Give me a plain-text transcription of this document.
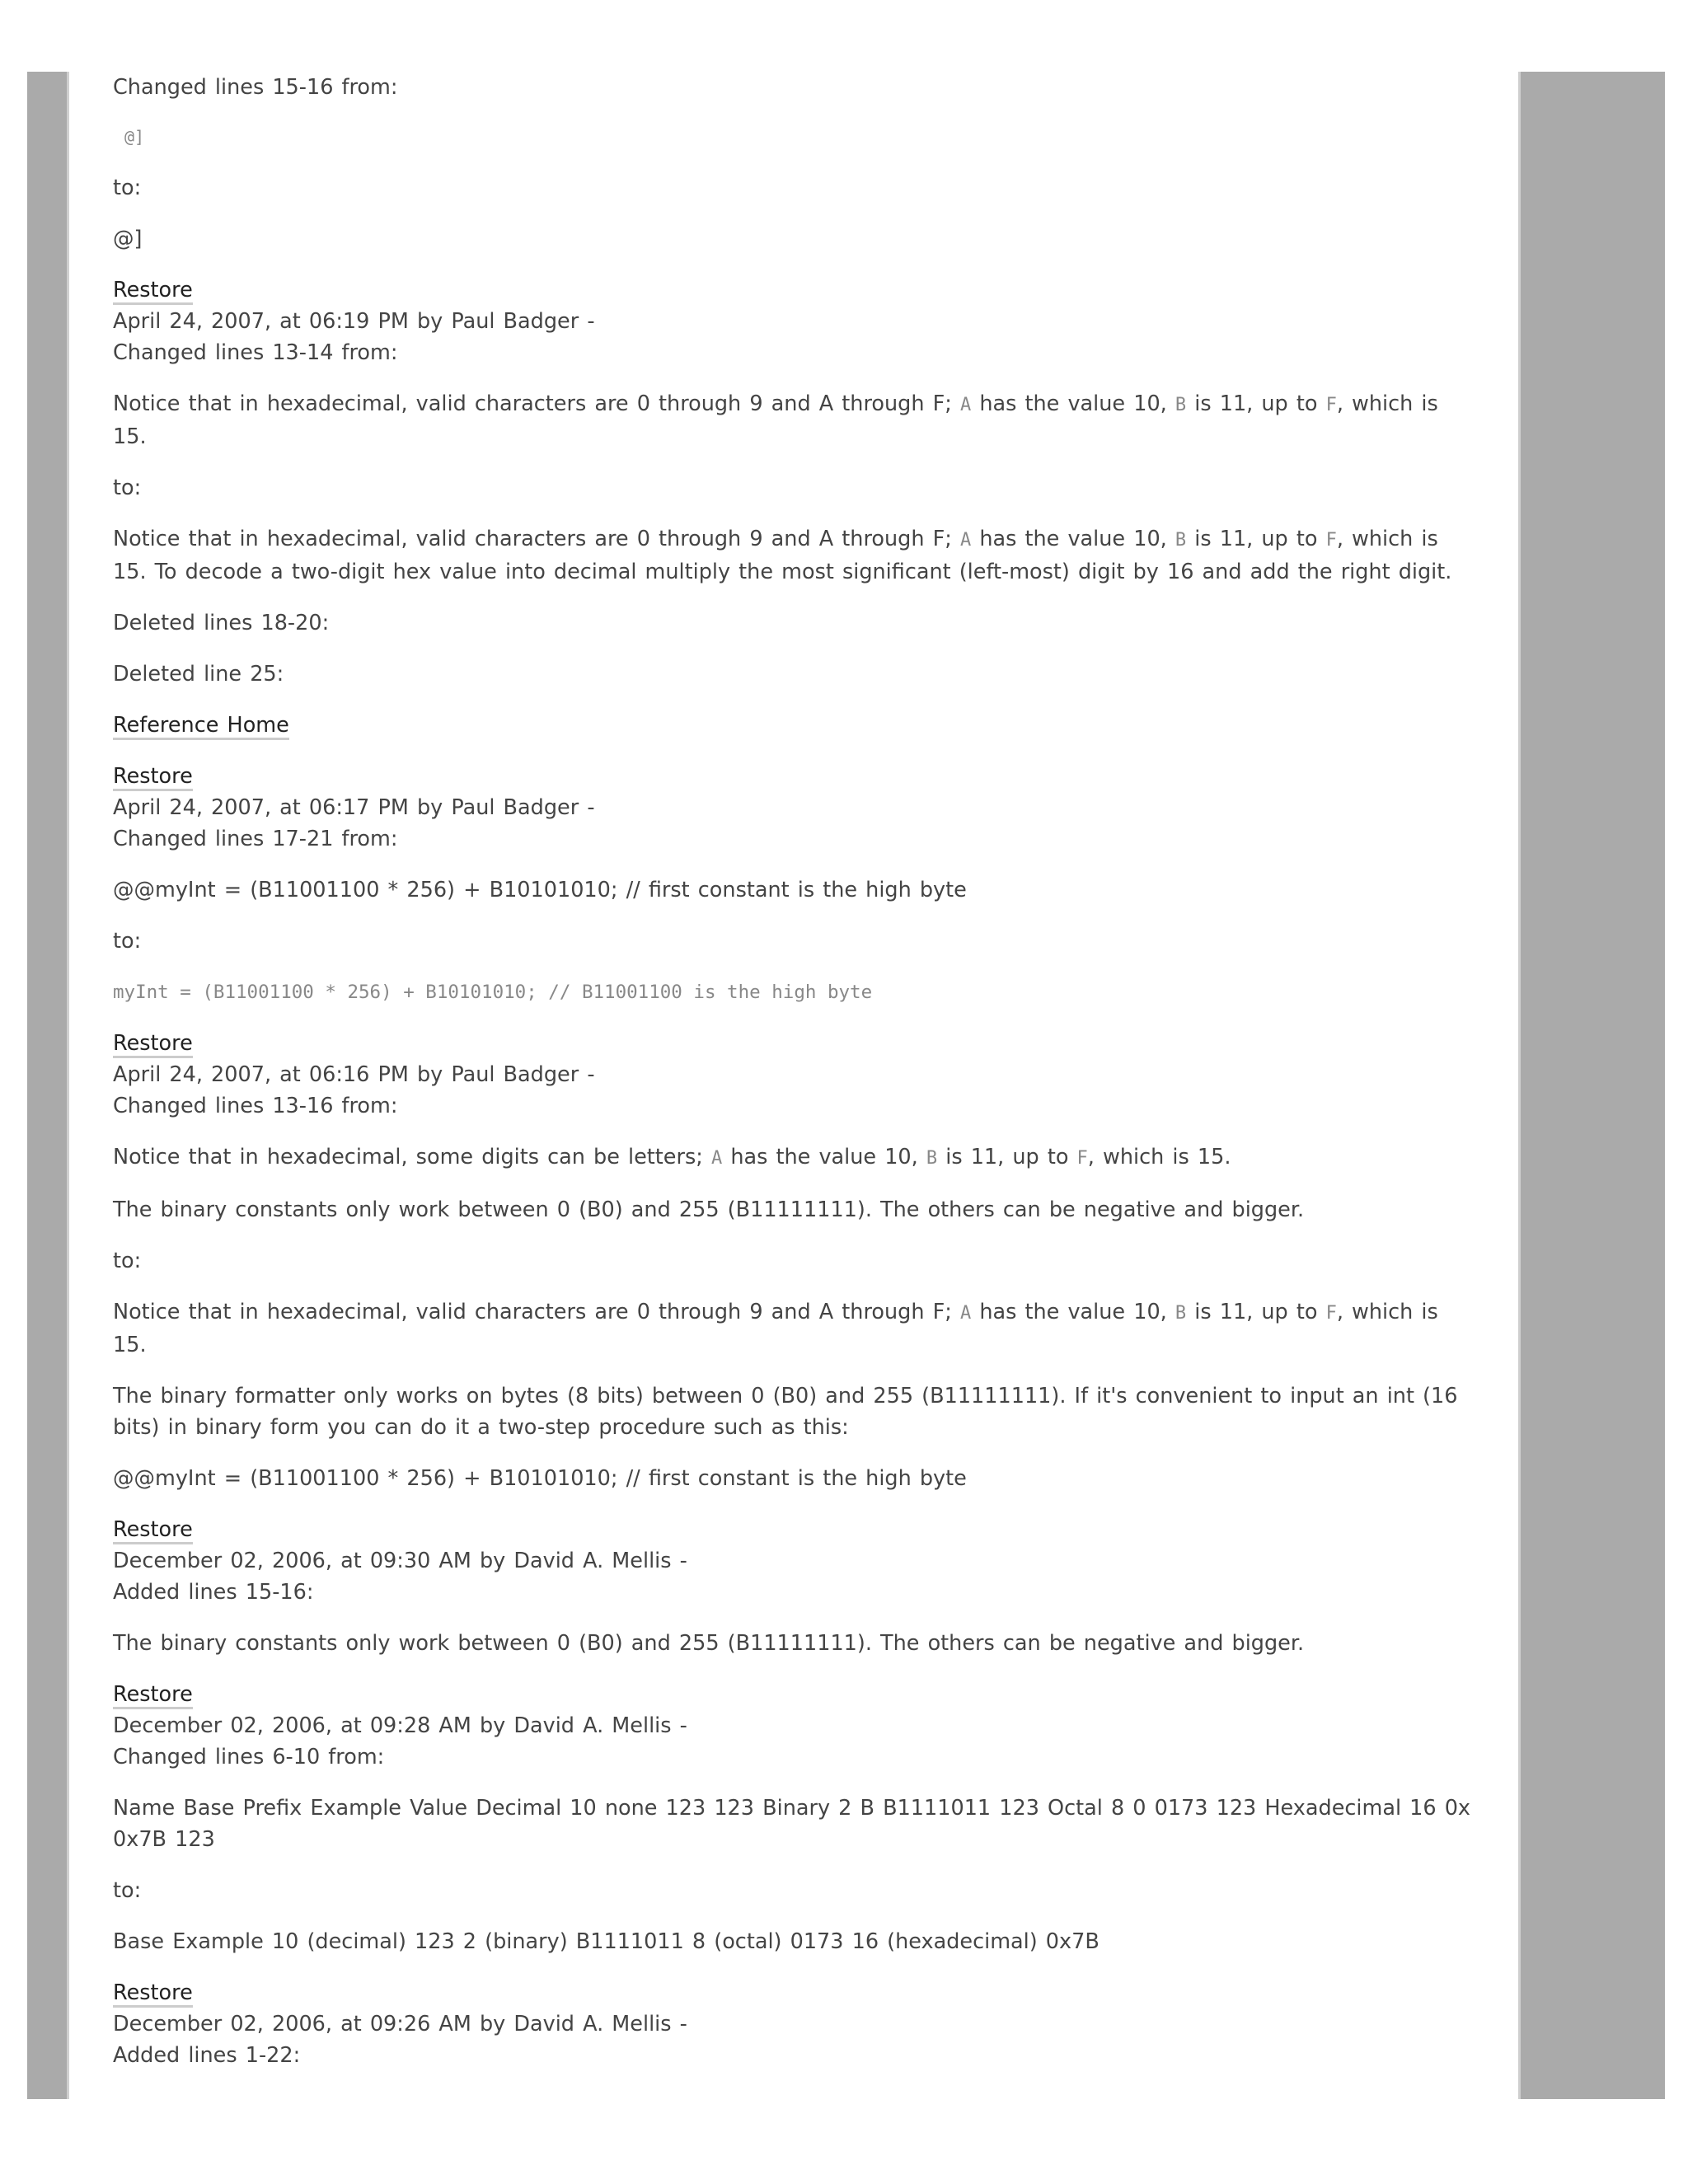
Changed lines 15-16 from:
@]
to:
@]
Restore
April 24, 2007, at 06:19 PM by Paul Badger -
Changed lines 13-14 from:
Notice that in hexadecimal, valid characters are 0 through 9 and A through F; A has the value 10, B is 11, up to F, which is
15.
to:
Notice that in hexadecimal, valid characters are 0 through 9 and A through F; A has the value 10, B is 11, up to F, which is
15. To decode a two-digit hex value into decimal multiply the most significant (left-most) digit by 16 and add the right digit.
Deleted lines 18-20:
Deleted line 25:
Reference Home
Restore
April 24, 2007, at 06:17 PM by Paul Badger -
Changed lines 17-21 from:
@@myInt = (B11001100 * 256) + B10101010; // first constant is the high byte
to:
myInt = (B11001100 * 256) + B10101010; // B11001100 is the high byte
Restore
April 24, 2007, at 06:16 PM by Paul Badger -
Changed lines 13-16 from:
Notice that in hexadecimal, some digits can be letters; A has the value 10, B is 11, up to F, which is 15.
The binary constants only work between 0 (B0) and 255 (B11111111). The others can be negative and bigger.
to:
Notice that in hexadecimal, valid characters are 0 through 9 and A through F; A has the value 10, B is 11, up to F, which is
15.
The binary formatter only works on bytes (8 bits) between 0 (B0) and 255 (B11111111). If it's convenient to input an int (16
bits) in binary form you can do it a two-step procedure such as this:
@@myInt = (B11001100 * 256) + B10101010; // first constant is the high byte
Restore
December 02, 2006, at 09:30 AM by David A. Mellis -
Added lines 15-16:
The binary constants only work between 0 (B0) and 255 (B11111111). The others can be negative and bigger.
Restore
December 02, 2006, at 09:28 AM by David A. Mellis -
Changed lines 6-10 from:
Name Base Prefix Example Value Decimal 10 none 123 123 Binary 2 B B1111011 123 Octal 8 0 0173 123 Hexadecimal 16 0x
0x7B 123
to:
Base Example 10 (decimal) 123 2 (binary) B1111011 8 (octal) 0173 16 (hexadecimal) 0x7B
Restore
December 02, 2006, at 09:26 AM by David A. Mellis -
Added lines 1-22:
